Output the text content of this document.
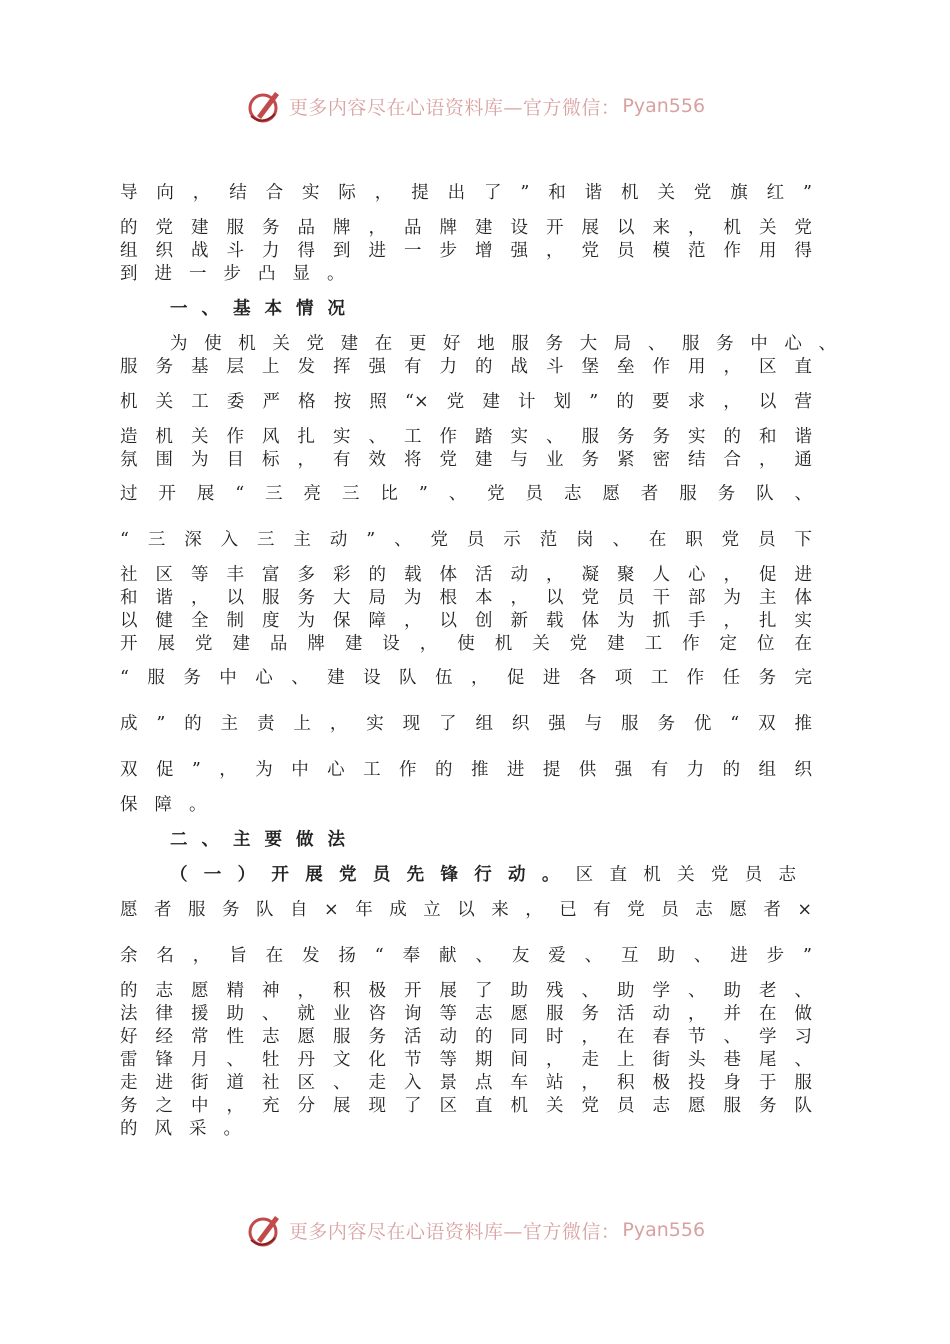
更多内容尽在心语资料库—官方微信： Pyan556
导向，结合实际，提出了”和谐机关党旗红”
的党建服务品牌，品牌建设开展以来，机关党
组织战斗力得到进一步增强，党员模范作用得
到进一步凸显。
一、基本情况
为使机关党建在更好地服务大局、服务中心、
服务基层上发挥强有力的战斗堡垒作用，区直
机关工委严格按照“×党建计划”的要求，以营
造机关作风扎实、工作踏实、服务务实的和谐
氛围为目标，有效将党建与业务紧密结合，通
过开展“三亮三比”、党员志愿者服务队、
“三深入三主动”、党员示范岗、在职党员下
社区等丰富多彩的载体活动，凝聚人心，促进
和谐，以服务大局为根本，以党员干部为主体
以健全制度为保障，以创新载体为抓手，扎实
开展党建品牌建设，使机关党建工作定位在
“服务中心、建设队伍，促进各项工作任务完
成”的主责上，实现了组织强与服务优“双推
双促”，为中心工作的推进提供强有力的组织
保障。
二、主要做法
（一）开展党员先锋行动。区直机关党员志
愿者服务队自×年成立以来，已有党员志愿者×
余名，旨在发扬“奉献、友爱、互助、进步”
的志愿精神，积极开展了助残、助学、助老、
法律援助、就业咨询等志愿服务活动，并在做
好经常性志愿服务活动的同时，在春节、学习
雷锋月、牡丹文化节等期间，走上街头巷尾、
走进街道社区、走入景点车站，积极投身于服
务之中，充分展现了区直机关党员志愿服务队
的风采。
更多内容尽在心语资料库—官方微信： Pyan556
